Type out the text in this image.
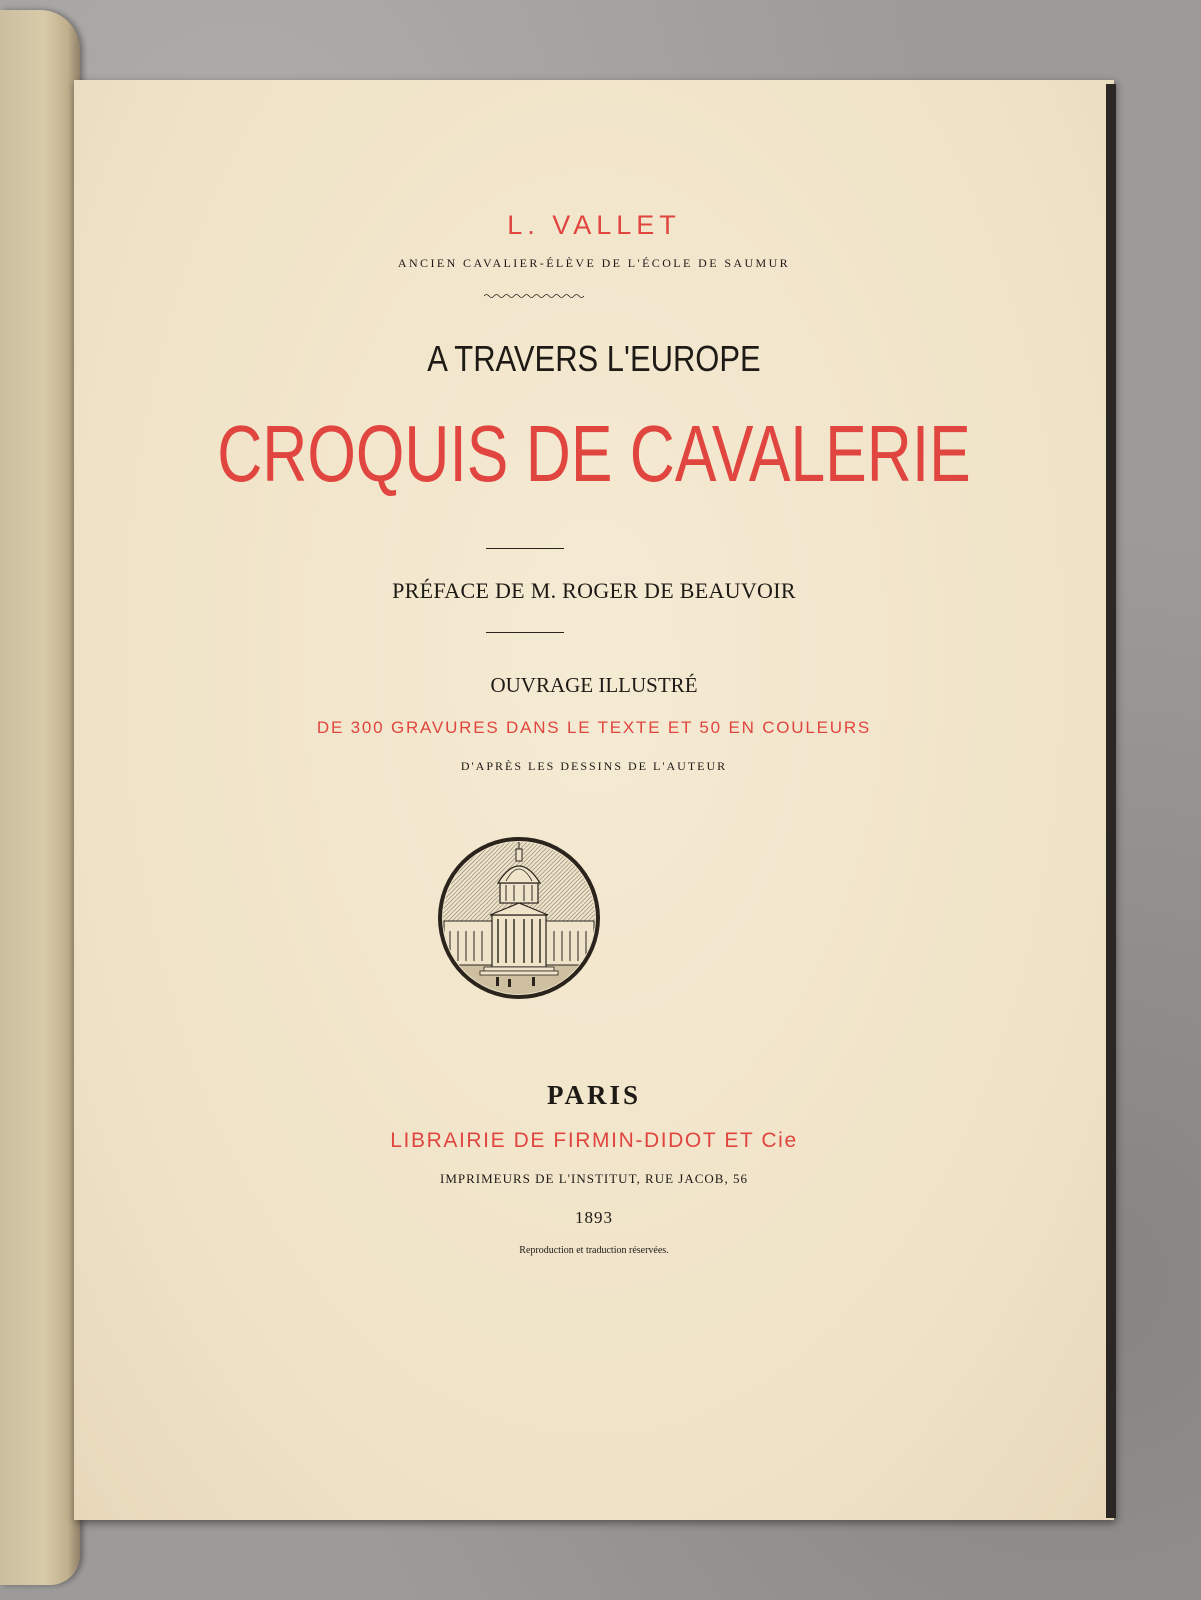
L. VALLET
ANCIEN CAVALIER-ÉLÈVE DE L'ÉCOLE DE SAUMUR
A TRAVERS L'EUROPE
CROQUIS DE CAVALERIE
PRÉFACE DE M. ROGER DE BEAUVOIR
OUVRAGE ILLUSTRÉ
DE 300 GRAVURES DANS LE TEXTE ET 50 EN COULEURS
D'APRÈS LES DESSINS DE L'AUTEUR
PARIS
LIBRAIRIE DE FIRMIN-DIDOT ET Cie
IMPRIMEURS DE L'INSTITUT, RUE JACOB, 56
1893
Reproduction et traduction réservées.
